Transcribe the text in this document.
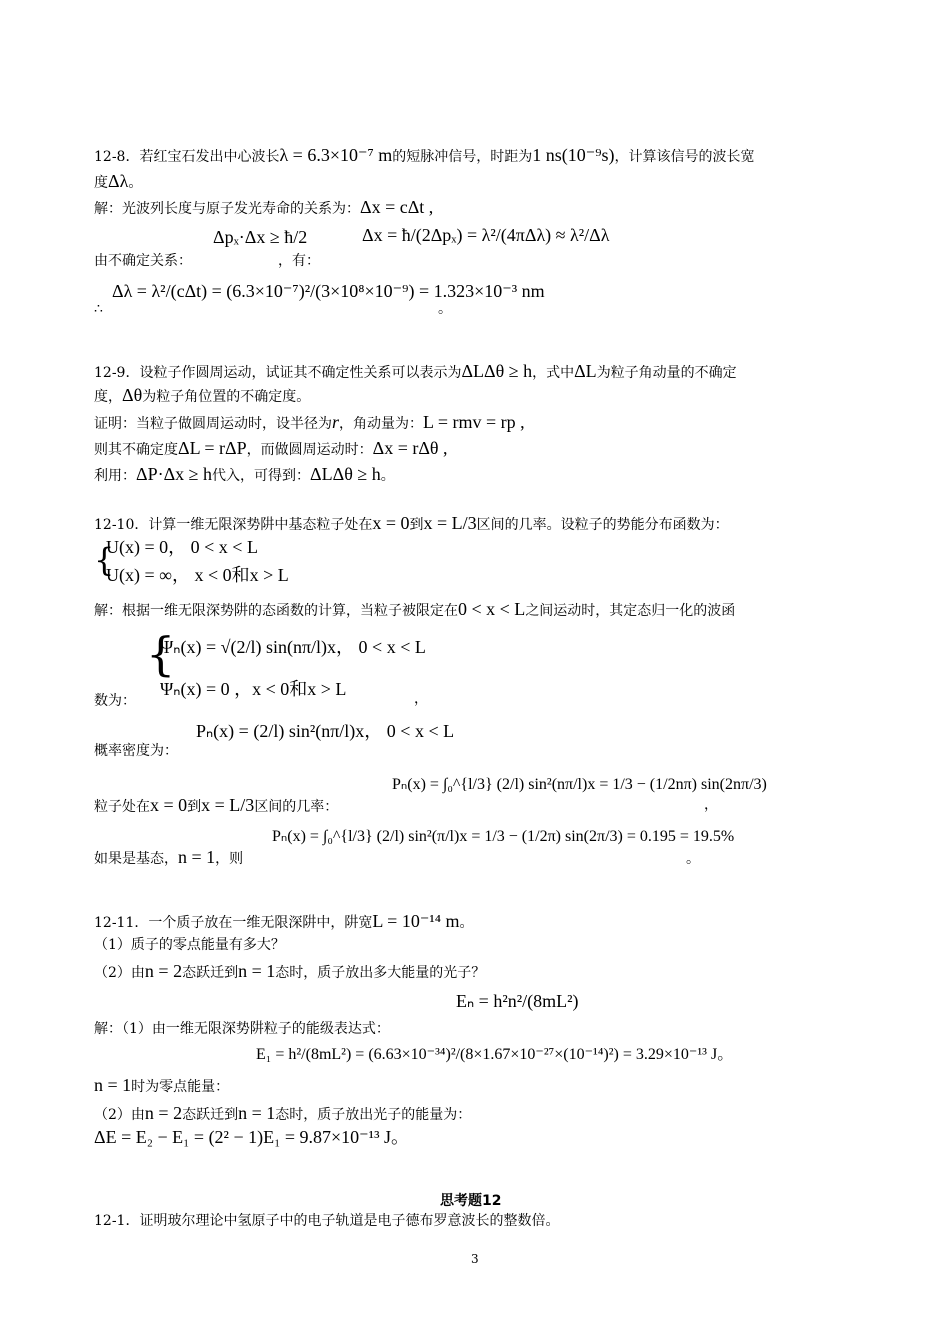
12-8．若红宝石发出中心波长λ = 6.3×10⁻⁷ m的短脉冲信号，时距为1 ns(10⁻⁹s)，计算该信号的波长宽
度Δλ。
解：光波列长度与原子发光寿命的关系为：Δx = cΔt ,
Δpₓ·Δx ≥ ħ/2
由不确定关系：	，有：
Δx = ħ/(2Δpₓ) = λ²/(4πΔλ) ≈ λ²/Δλ
∴
Δλ = λ²/(cΔt) = (6.3×10⁻⁷)²/(3×10⁸×10⁻⁹) = 1.323×10⁻³ nm
。
12-9．设粒子作圆周运动，试证其不确定性关系可以表示为ΔLΔθ ≥ h，式中ΔL为粒子角动量的不确定
度，Δθ为粒子角位置的不确定度。
证明：当粒子做圆周运动时，设半径为r，角动量为：L = rmv = rp ,
则其不确定度ΔL = rΔP，而做圆周运动时：Δx = rΔθ ,
利用：ΔP·Δx ≥ h代入，可得到：ΔLΔθ ≥ h。
12-10．计算一维无限深势阱中基态粒子处在x = 0到x = L/3区间的几率。设粒子的势能分布函数为：
{
U(x) = 0， 0 < x < L
U(x) = ∞， x < 0和x > L
解：根据一维无限深势阱的态函数的计算，当粒子被限定在0 < x < L之间运动时，其定态归一化的波函
{
Ψₙ(x) = √(2/l) sin(nπ/l)x， 0 < x < L
Ψₙ(x) = 0 ，x < 0和x > L
数为：	，
概率密度为：
Pₙ(x) = (2/l) sin²(nπ/l)x， 0 < x < L
粒子处在x = 0到x = L/3区间的几率：
Pₙ(x) = ∫₀^{l/3} (2/l) sin²(nπ/l)x = 1/3 − (1/2nπ) sin(2nπ/3)
，
如果是基态，n = 1，则
Pₙ(x) = ∫₀^{l/3} (2/l) sin²(π/l)x = 1/3 − (1/2π) sin(2π/3) = 0.195 = 19.5%
。
12-11．一个质子放在一维无限深阱中，阱宽L = 10⁻¹⁴ m。
（1）质子的零点能量有多大？
（2）由n = 2态跃迁到n = 1态时，质子放出多大能量的光子？
Eₙ = h²n²/(8mL²)
解：（1）由一维无限深势阱粒子的能级表达式：
E₁ = h²/(8mL²) = (6.63×10⁻³⁴)²/(8×1.67×10⁻²⁷×(10⁻¹⁴)²) = 3.29×10⁻¹³ J。
n = 1时为零点能量：
（2）由n = 2态跃迁到n = 1态时，质子放出光子的能量为：
ΔE = E₂ − E₁ = (2² − 1)E₁ = 9.87×10⁻¹³ J。
思考题12
12-1．证明玻尔理论中氢原子中的电子轨道是电子德布罗意波长的整数倍。
3
